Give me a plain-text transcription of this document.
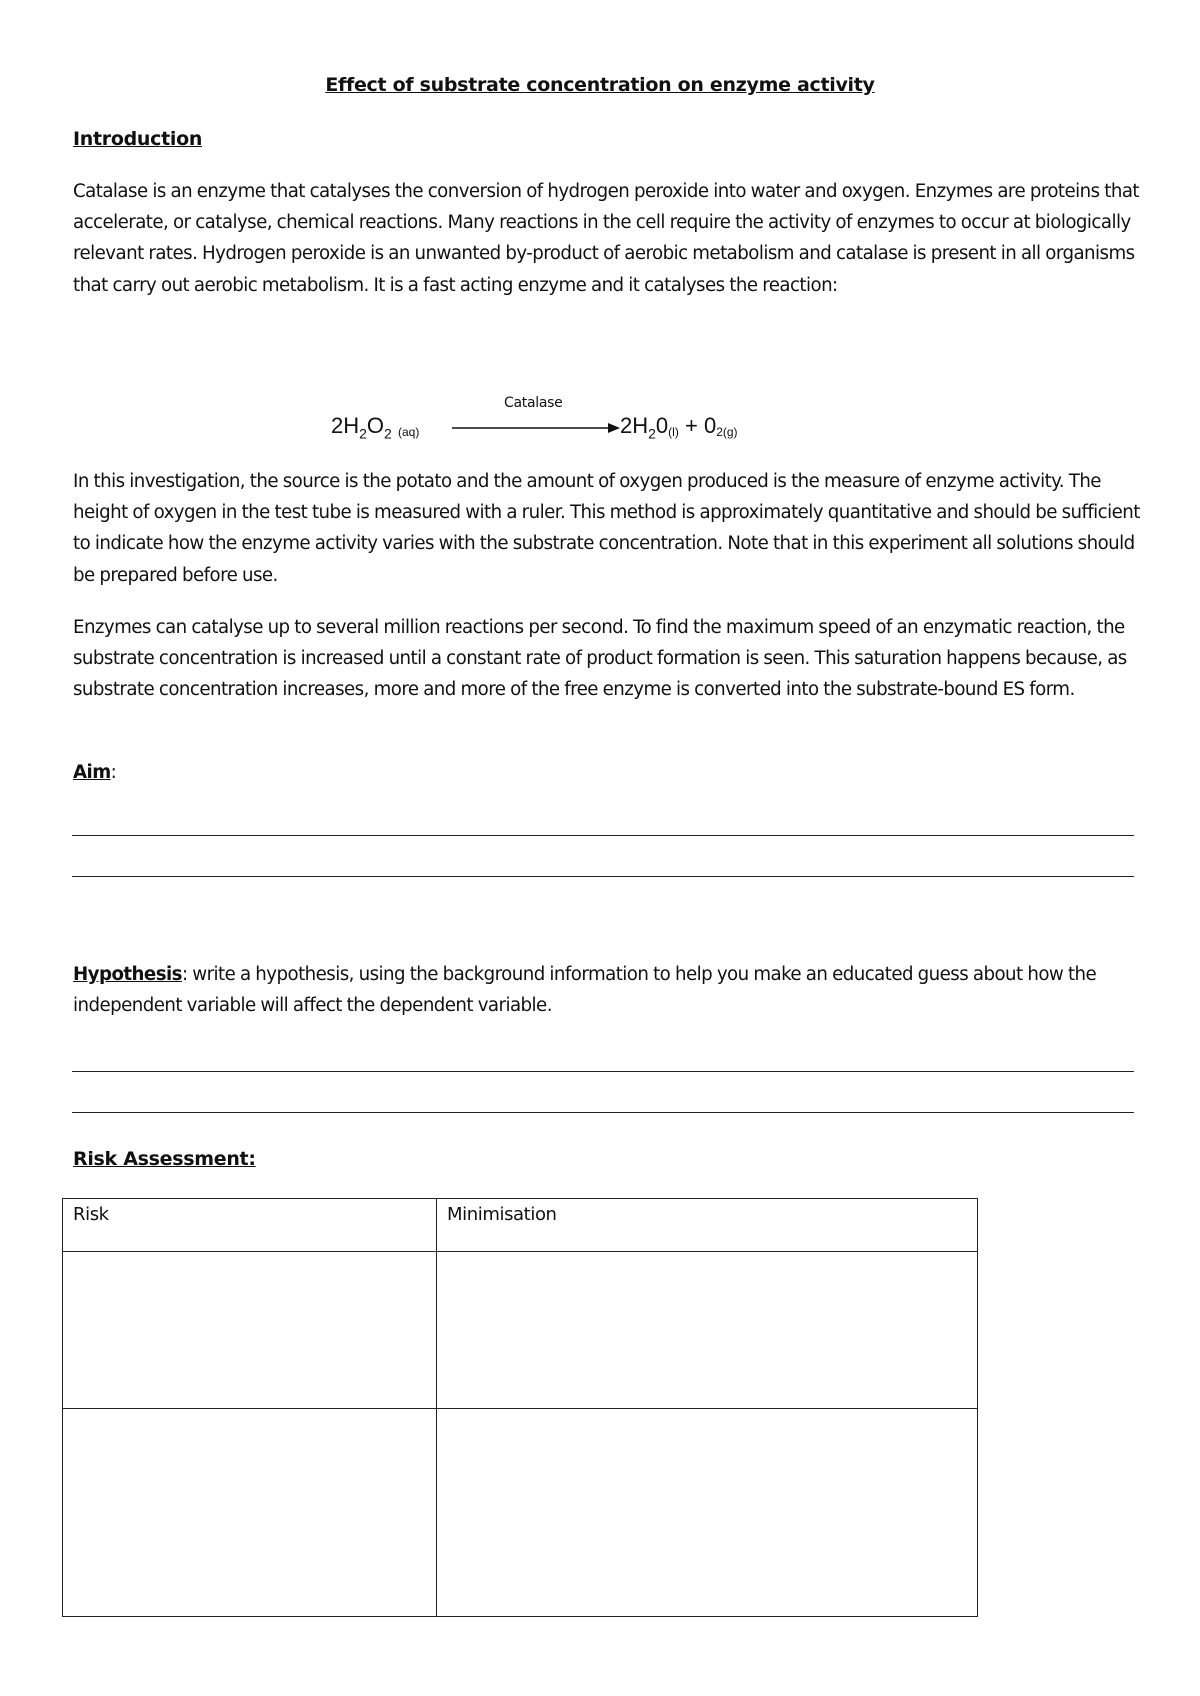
Effect of substrate concentration on enzyme activity
Introduction
Catalase is an enzyme that catalyses the conversion of hydrogen peroxide into water and oxygen. Enzymes are proteins that accelerate, or catalyse, chemical reactions. Many reactions in the cell require the activity of enzymes to occur at biologically relevant rates. Hydrogen peroxide is an unwanted by-product of aerobic metabolism and catalase is present in all organisms that carry out aerobic metabolism. It is a fast acting enzyme and it catalyses the reaction:
Catalase
$2H_2O_2$ (aq)	$2H_20(l) + 02(g)$
In this investigation, the source is the potato and the amount of oxygen produced is the measure of enzyme activity. The height of oxygen in the test tube is measured with a ruler. This method is approximately quantitative and should be sufficient to indicate how the enzyme activity varies with the substrate concentration. Note that in this experiment all solutions should be prepared before use.
Enzymes can catalyse up to several million reactions per second. To find the maximum speed of an enzymatic reaction, the substrate concentration is increased until a constant rate of product formation is seen. This saturation happens because, as substrate concentration increases, more and more of the free enzyme is converted into the substrate-bound ES form.
Aim:
Hypothesis: write a hypothesis, using the background information to help you make an educated guess about how the independent variable will affect the dependent variable.
Risk Assessment:
Risk	Minimisation
